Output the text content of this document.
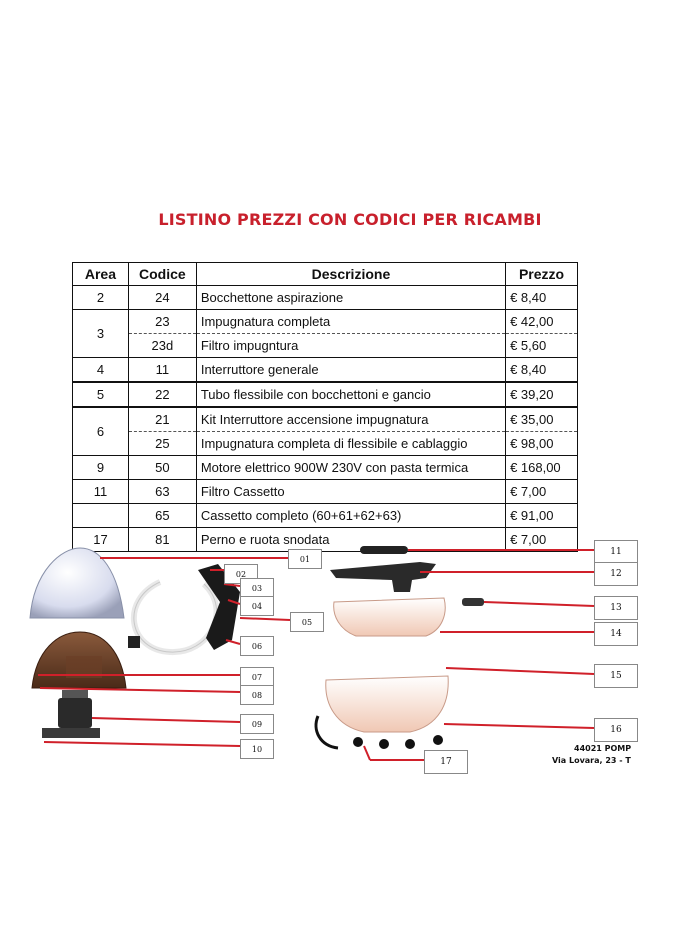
LISTINO PREZZI CON CODICI PER RICAMBI
Area	Codice	Descrizione	Prezzo
2	24	Bocchettone aspirazione	€ 8,40
3	23	Impugnatura completa	€ 42,00
	23d	Filtro impugntura	€ 5,60
4	11	Interruttore generale	€ 8,40
5	22	Tubo flessibile con bocchettoni e gancio	€ 39,20
6	21	Kit Interruttore accensione impugnatura	€ 35,00
	25	Impugnatura completa di flessibile e cablaggio	€ 98,00
9	50	Motore elettrico 900W 230V con pasta termica	€ 168,00
11	63	Filtro Cassetto	€ 7,00
	65	Cassetto completo (60+61+62+63)	€ 91,00
17	81	Perno e ruota snodata	€ 7,00
01
02
03
04
05
06
07
08
09
10
11
12
13
14
15
16
17
44021 POMP
Via Lovara, 23 - T
